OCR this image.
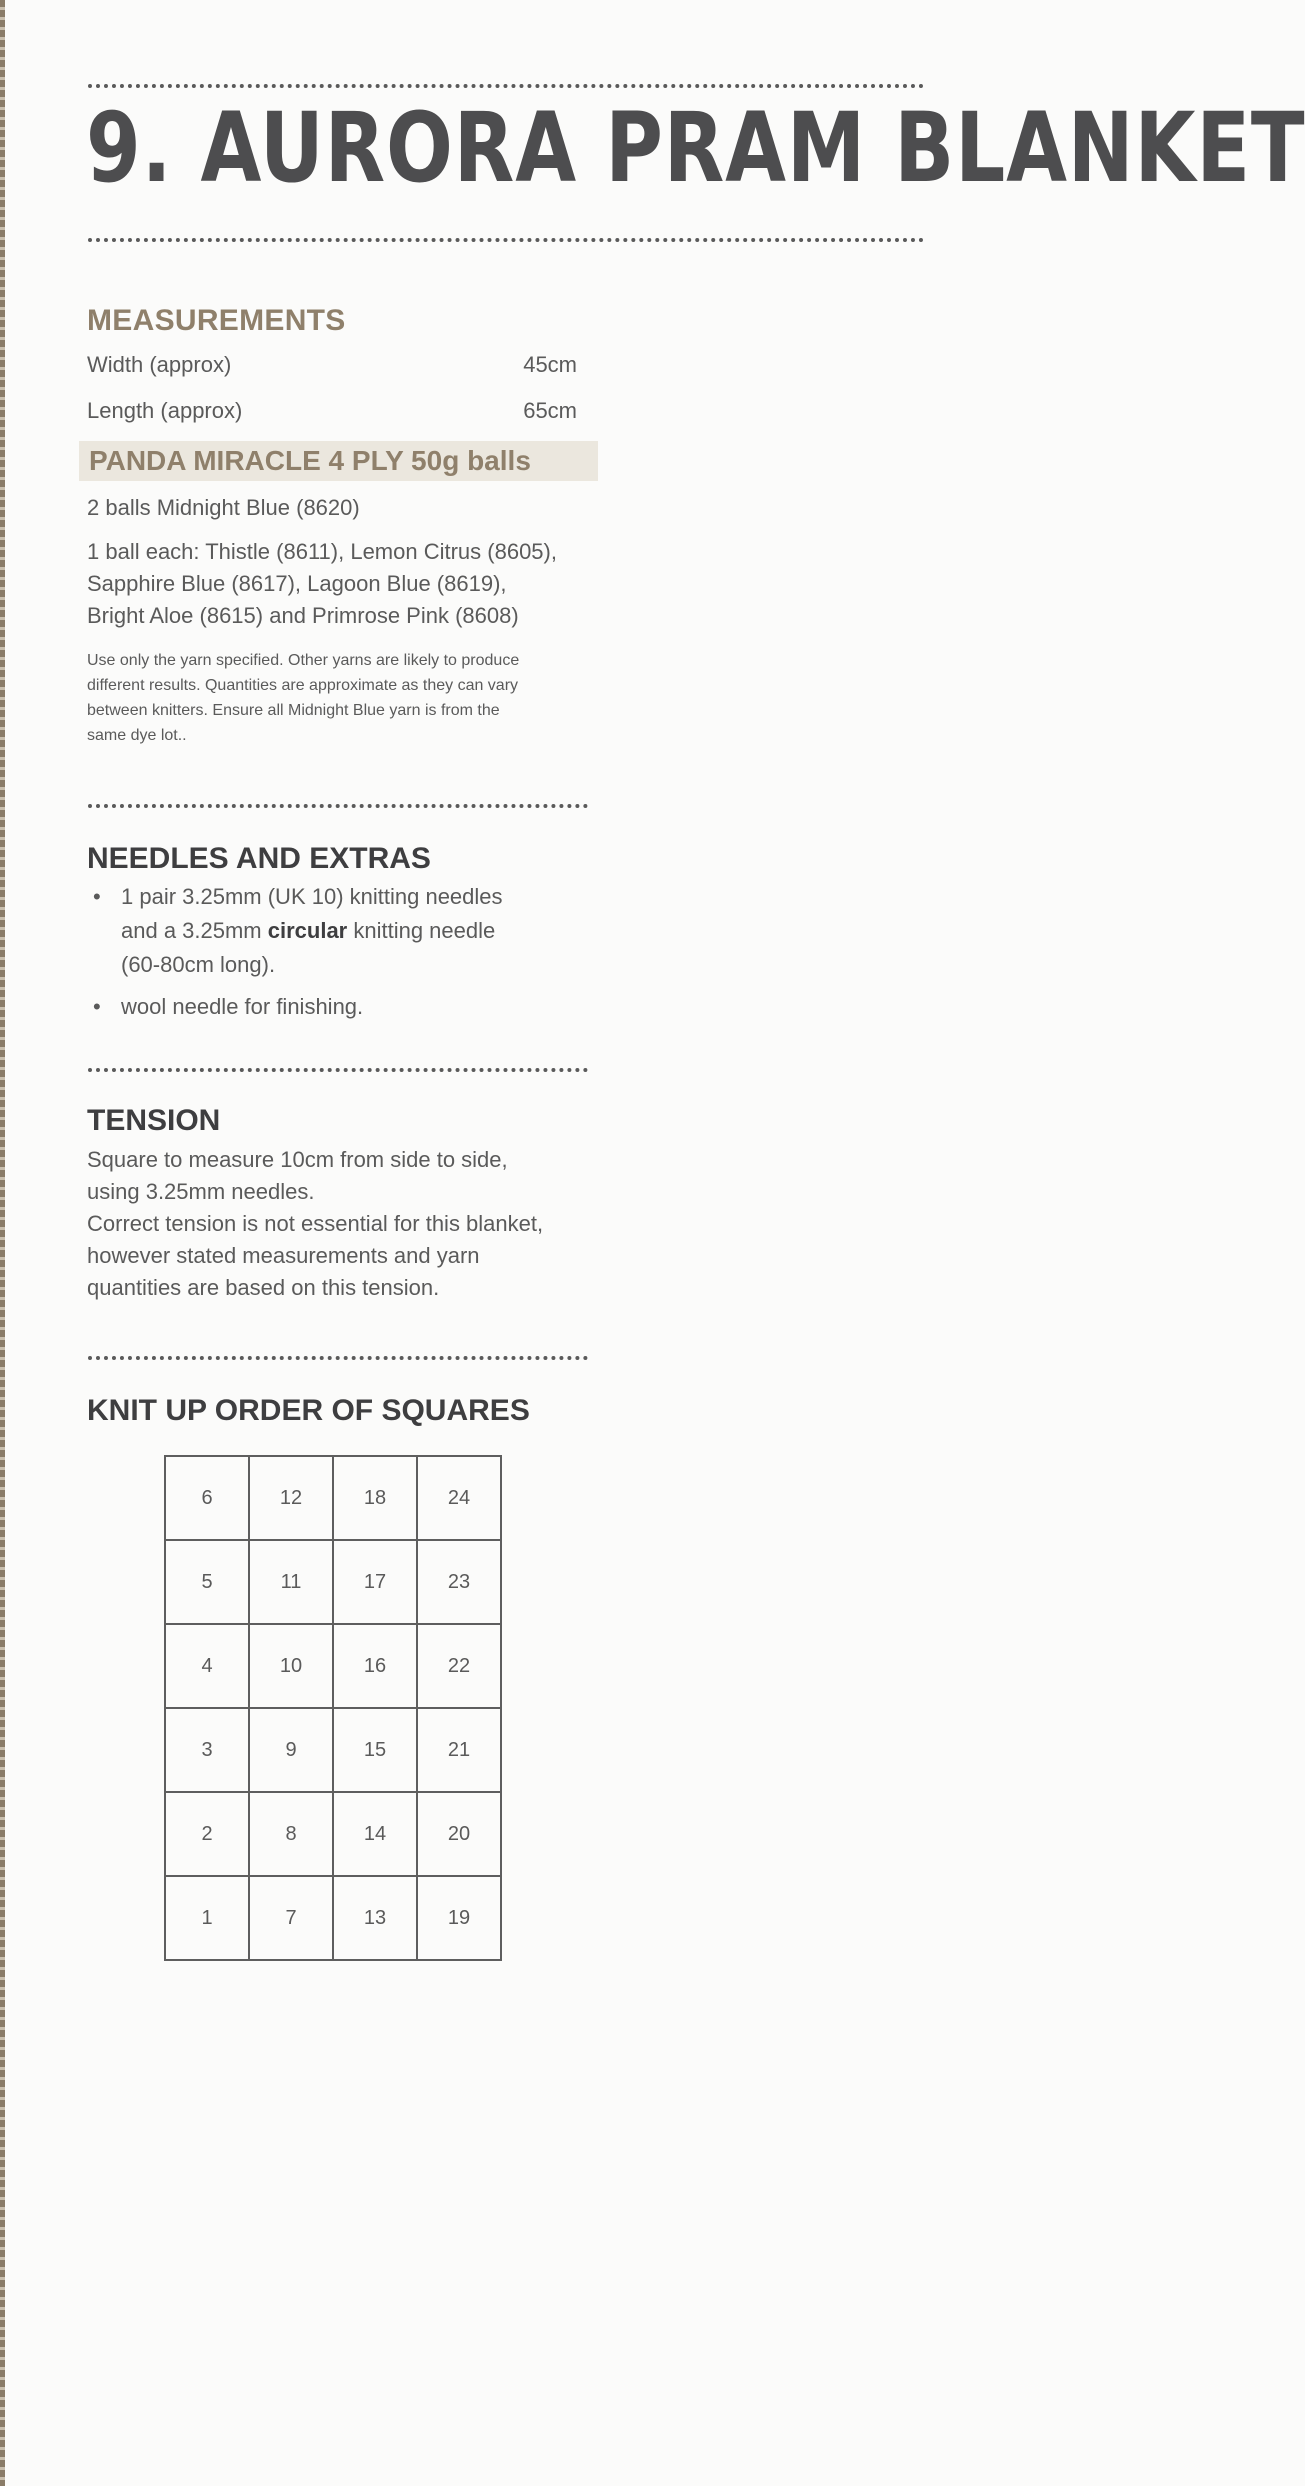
9. AURORA PRAM BLANKET
MEASUREMENTS
Width (approx)	45cm
Length (approx)	65cm
PANDA MIRACLE 4 PLY 50g balls

2 balls Midnight Blue (8620)

1 ball each: Thistle (8611), Lemon Citrus (8605),
Sapphire Blue (8617), Lagoon Blue (8619),
Bright Aloe (8615) and Primrose Pink (8608)

Use only the yarn specified. Other yarns are likely to produce
different results. Quantities are approximate as they can vary
between knitters. Ensure all Midnight Blue yarn is from the
same dye lot..

NEEDLES AND EXTRAS
• 1 pair 3.25mm (UK 10) knitting needles
and a 3.25mm circular knitting needle
(60-80cm long).
• wool needle for finishing.
TENSION

Square to measure 10cm from side to side,
using 3.25mm needles.
Correct tension is not essential for this blanket,
however stated measurements and yarn
quantities are based on this tension.

KNIT UP ORDER OF SQUARES
6	12	18	24
5	11	17	23
4	10	16	22
3	9	15	21
2	8	14	20
1	7	13	19
